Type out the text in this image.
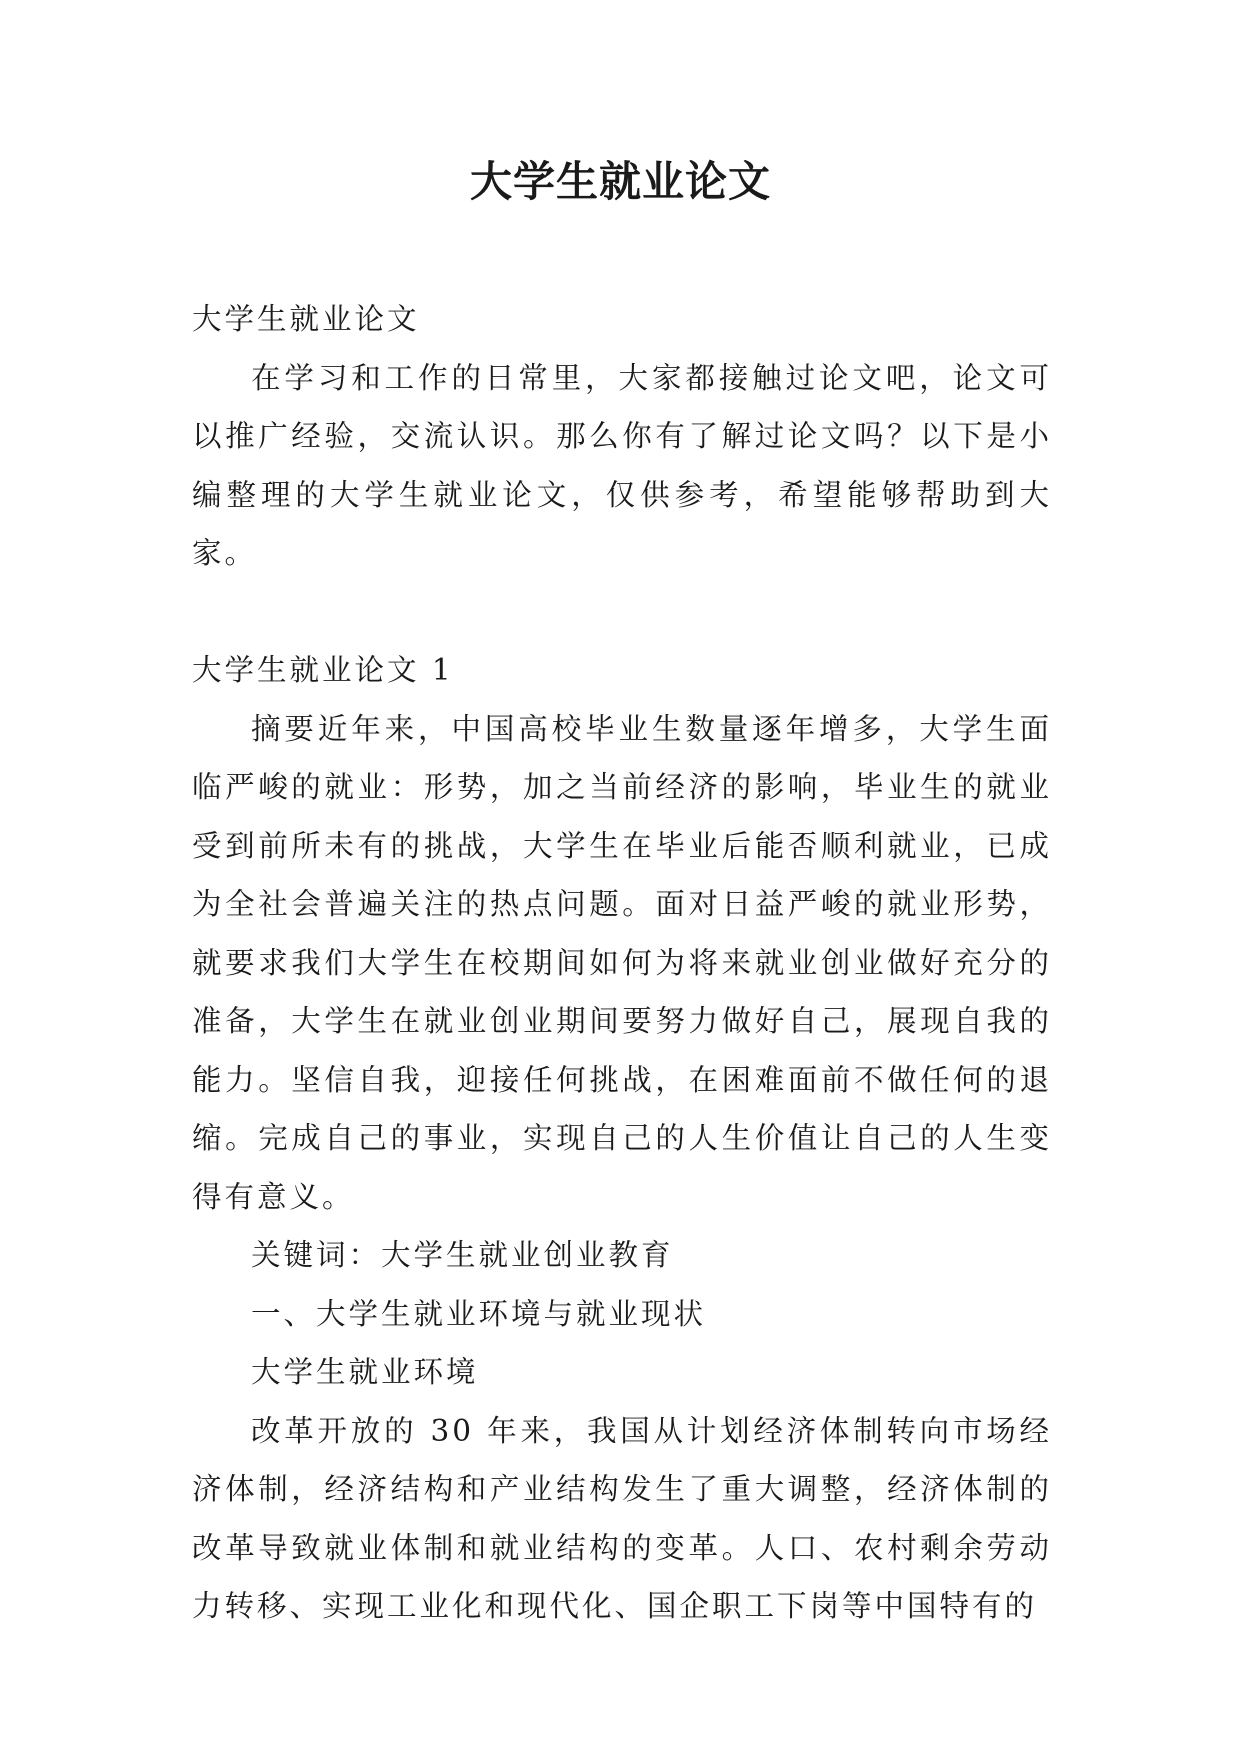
大学生就业论文

大学生就业论文

在学习和工作的日常里，大家都接触过论文吧，论文可以推广经验，交流认识。那么你有了解过论文吗？以下是小编整理的大学生就业论文，仅供参考，希望能够帮助到大家。

大学生就业论文 1

摘要近年来，中国高校毕业生数量逐年增多，大学生面临严峻的就业：形势，加之当前经济的影响，毕业生的就业受到前所未有的挑战，大学生在毕业后能否顺利就业，已成为全社会普遍关注的热点问题。面对日益严峻的就业形势，就要求我们大学生在校期间如何为将来就业创业做好充分的准备，大学生在就业创业期间要努力做好自己，展现自我的能力。坚信自我，迎接任何挑战，在困难面前不做任何的退缩。完成自己的事业，实现自己的人生价值让自己的人生变得有意义。

关键词：大学生就业创业教育

一、大学生就业环境与就业现状

大学生就业环境

改革开放的 30 年来，我国从计划经济体制转向市场经济体制，经济结构和产业结构发生了重大调整，经济体制的改革导致就业体制和就业结构的变革。人口、农村剩余劳动力转移、实现工业化和现代化、国企职工下岗等中国特有的
